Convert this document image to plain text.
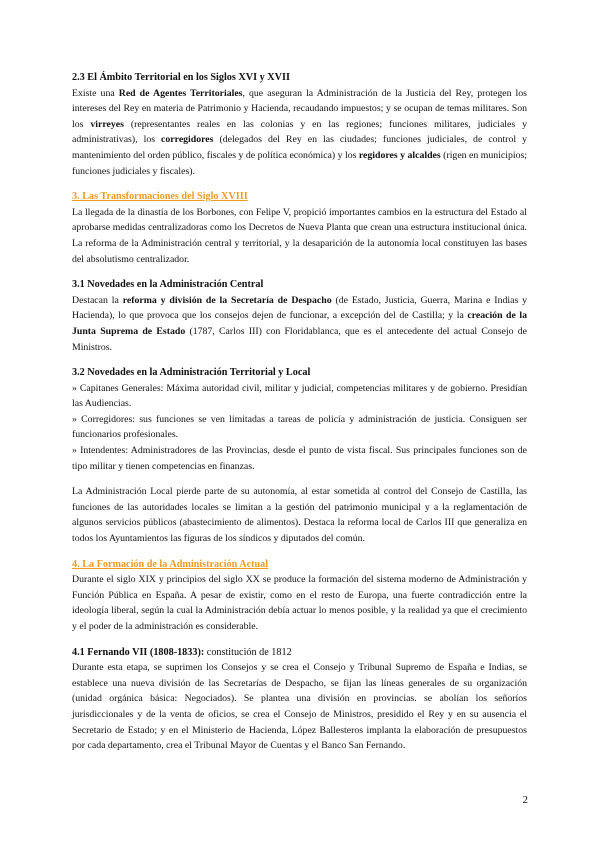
2.3 El Ámbito Territorial en los Siglos XVI y XVII

Existe una Red de Agentes Territoriales, que aseguran la Administración de la Justicia del Rey, protegen los intereses del Rey en materia de Patrimonio y Hacienda, recaudando impuestos; y se ocupan de temas militares. Son los virreyes (representantes reales en las colonias y en las regiones; funciones militares, judiciales y administrativas), los corregidores (delegados del Rey en las ciudades; funciones judiciales, de control y mantenimiento del orden público, fiscales y de política económica) y los regidores y alcaldes (rigen en municipios; funciones judiciales y fiscales).

3. Las Transformaciones del Siglo XVIII

La llegada de la dinastía de los Borbones, con Felipe V, propició importantes cambios en la estructura del Estado al aprobarse medidas centralizadoras como los Decretos de Nueva Planta que crean una estructura institucional única. La reforma de la Administración central y territorial, y la desaparición de la autonomía local constituyen las bases del absolutismo centralizador.

3.1 Novedades en la Administración Central

Destacan la reforma y división de la Secretaría de Despacho (de Estado, Justicia, Guerra, Marina e Indias y Hacienda), lo que provoca que los consejos dejen de funcionar, a excepción del de Castilla; y la creación de la Junta Suprema de Estado (1787, Carlos III) con Floridablanca, que es el antecedente del actual Consejo de Ministros.

3.2 Novedades en la Administración Territorial y Local

» Capitanes Generales: Máxima autoridad civil, militar y judicial, competencias militares y de gobierno. Presidían las Audiencias.

» Corregidores: sus funciones se ven limitadas a tareas de policía y administración de justicia. Consiguen ser funcionarios profesionales.

» Intendentes: Administradores de las Provincias, desde el punto de vista fiscal. Sus principales funciones son de tipo militar y tienen competencias en finanzas.

La Administración Local pierde parte de su autonomía, al estar sometida al control del Consejo de Castilla, las funciones de las autoridades locales se limitan a la gestión del patrimonio municipal y a la reglamentación de algunos servicios públicos (abastecimiento de alimentos). Destaca la reforma local de Carlos III que generaliza en todos los Ayuntamientos las figuras de los síndicos y diputados del común.

4. La Formación de la Administración Actual

Durante el siglo XIX y principios del siglo XX se produce la formación del sistema moderno de Administración y Función Pública en España. A pesar de existir, como en el resto de Europa, una fuerte contradicción entre la ideología liberal, según la cual la Administración debía actuar lo menos posible, y la realidad ya que el crecimiento y el poder de la administración es considerable.

4.1 Fernando VII (1808-1833): constitución de 1812

Durante esta etapa, se suprimen los Consejos y se crea el Consejo y Tribunal Supremo de España e Indias, se establece una nueva división de las Secretarías de Despacho, se fijan las líneas generales de su organización (unidad orgánica básica: Negociados). Se plantea una división en provincias. se abolían los señoríos jurisdiccionales y de la venta de oficios, se crea el Consejo de Ministros, presidido el Rey y en su ausencia el Secretario de Estado; y en el Ministerio de Hacienda, López Ballesteros implanta la elaboración de presupuestos por cada departamento, crea el Tribunal Mayor de Cuentas y el Banco San Fernando.

2
